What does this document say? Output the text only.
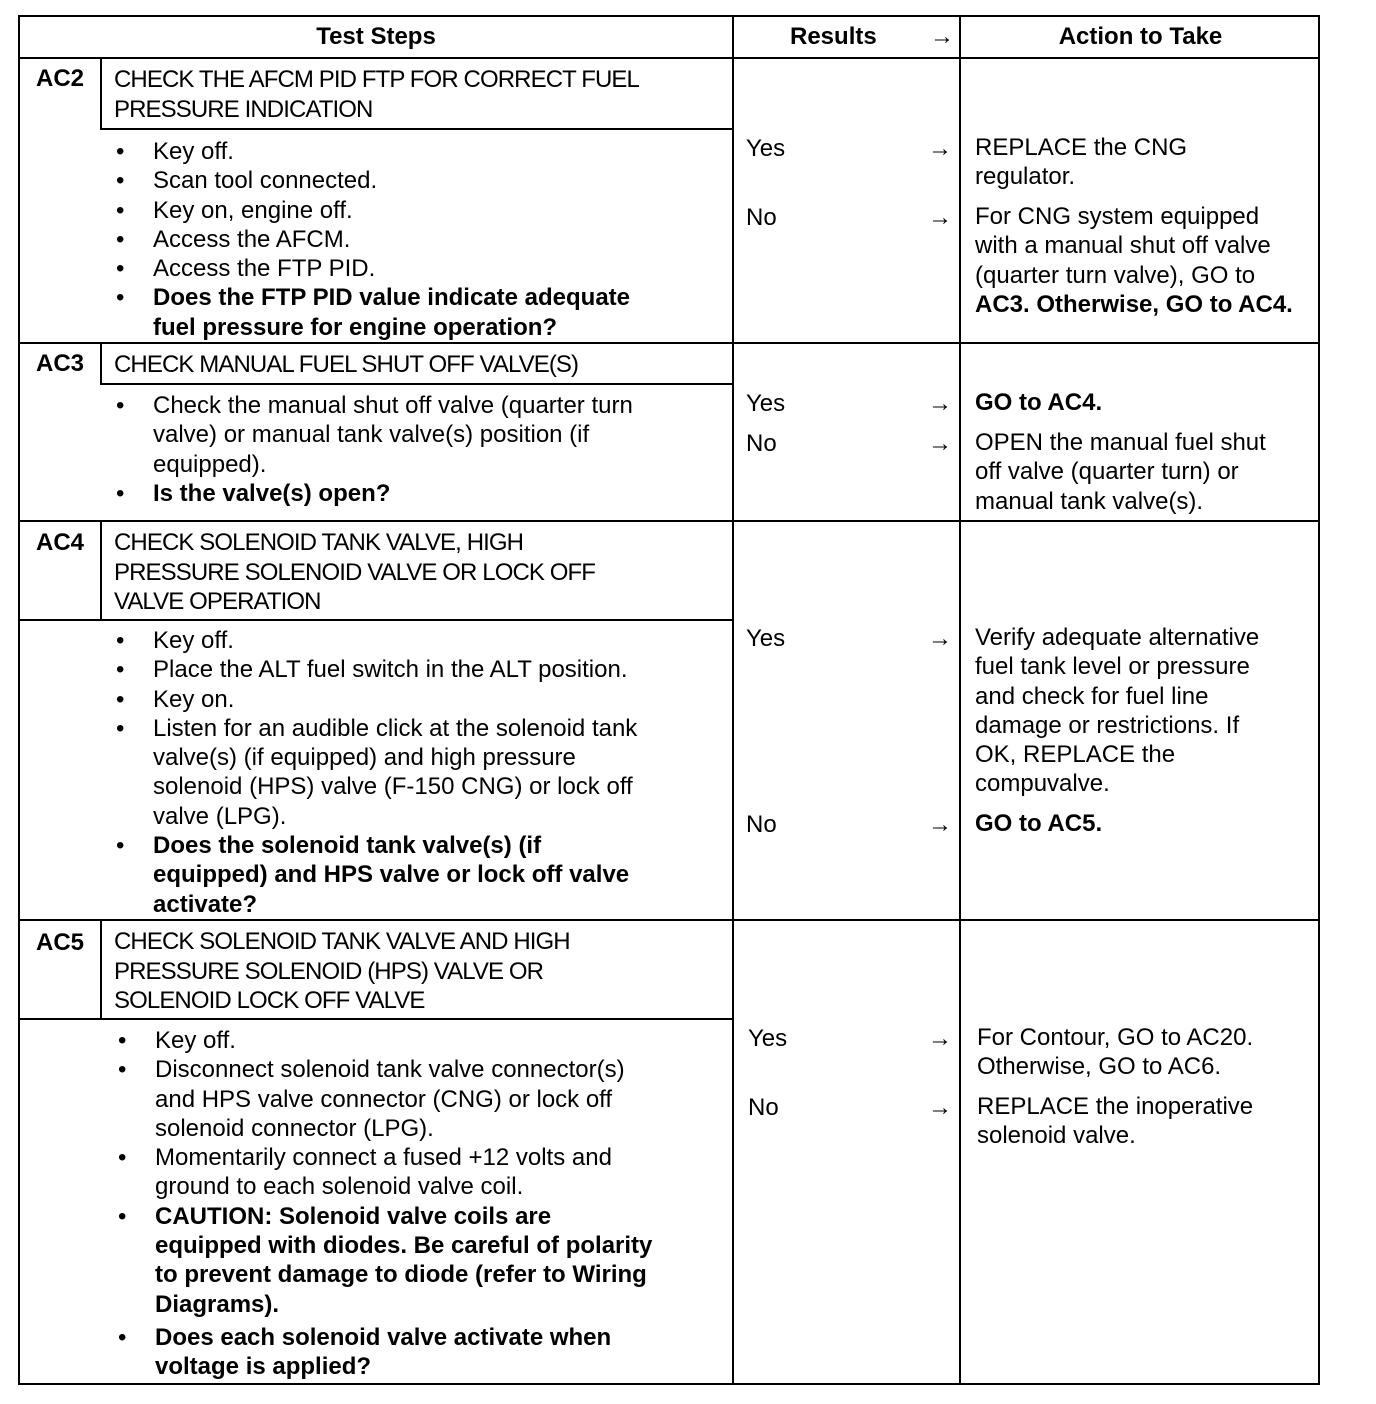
Test Steps	Results	→	Action to Take
AC2	CHECK THE AFCM PID FTP FOR CORRECT FUEL
PRESSURE INDICATION
• Key off.
• Scan tool connected.
• Key on, engine off.
• Access the AFCM.
• Access the FTP PID.
• Does the FTP PID value indicate adequate
fuel pressure for engine operation?
Yes	→ REPLACE the CNG
regulator.
No	→ For CNG system equipped
with a manual shut off valve
(quarter turn valve), GO to
AC3. Otherwise, GO to AC4.
AC3	CHECK MANUAL FUEL SHUT OFF VALVE(S)
• Check the manual shut off valve (quarter turn
valve) or manual tank valve(s) position (if
equipped).
• Is the valve(s) open?
Yes	→ GO to AC4.
No	→ OPEN the manual fuel shut
off valve (quarter turn) or
manual tank valve(s).
AC4	CHECK SOLENOID TANK VALVE, HIGH
PRESSURE SOLENOID VALVE OR LOCK OFF
VALVE OPERATION
• Key off.
• Place the ALT fuel switch in the ALT position.
• Key on.
• Listen for an audible click at the solenoid tank
valve(s) (if equipped) and high pressure
solenoid (HPS) valve (F-150 CNG) or lock off
valve (LPG).
• Does the solenoid tank valve(s) (if
equipped) and HPS valve or lock off valve
activate?
Yes	→ Verify adequate alternative
fuel tank level or pressure
and check for fuel line
damage or restrictions. If
OK, REPLACE the
compuvalve.
No	→ GO to AC5.
AC5	CHECK SOLENOID TANK VALVE AND HIGH
PRESSURE SOLENOID (HPS) VALVE OR
SOLENOID LOCK OFF VALVE
• Key off.
• Disconnect solenoid tank valve connector(s)
and HPS valve connector (CNG) or lock off
solenoid connector (LPG).
• Momentarily connect a fused +12 volts and
ground to each solenoid valve coil.
• CAUTION: Solenoid valve coils are
equipped with diodes. Be careful of polarity
to prevent damage to diode (refer to Wiring
Diagrams).
• Does each solenoid valve activate when
voltage is applied?
Yes	→ For Contour, GO to AC20.
Otherwise, GO to AC6.
No	→ REPLACE the inoperative
solenoid valve.
